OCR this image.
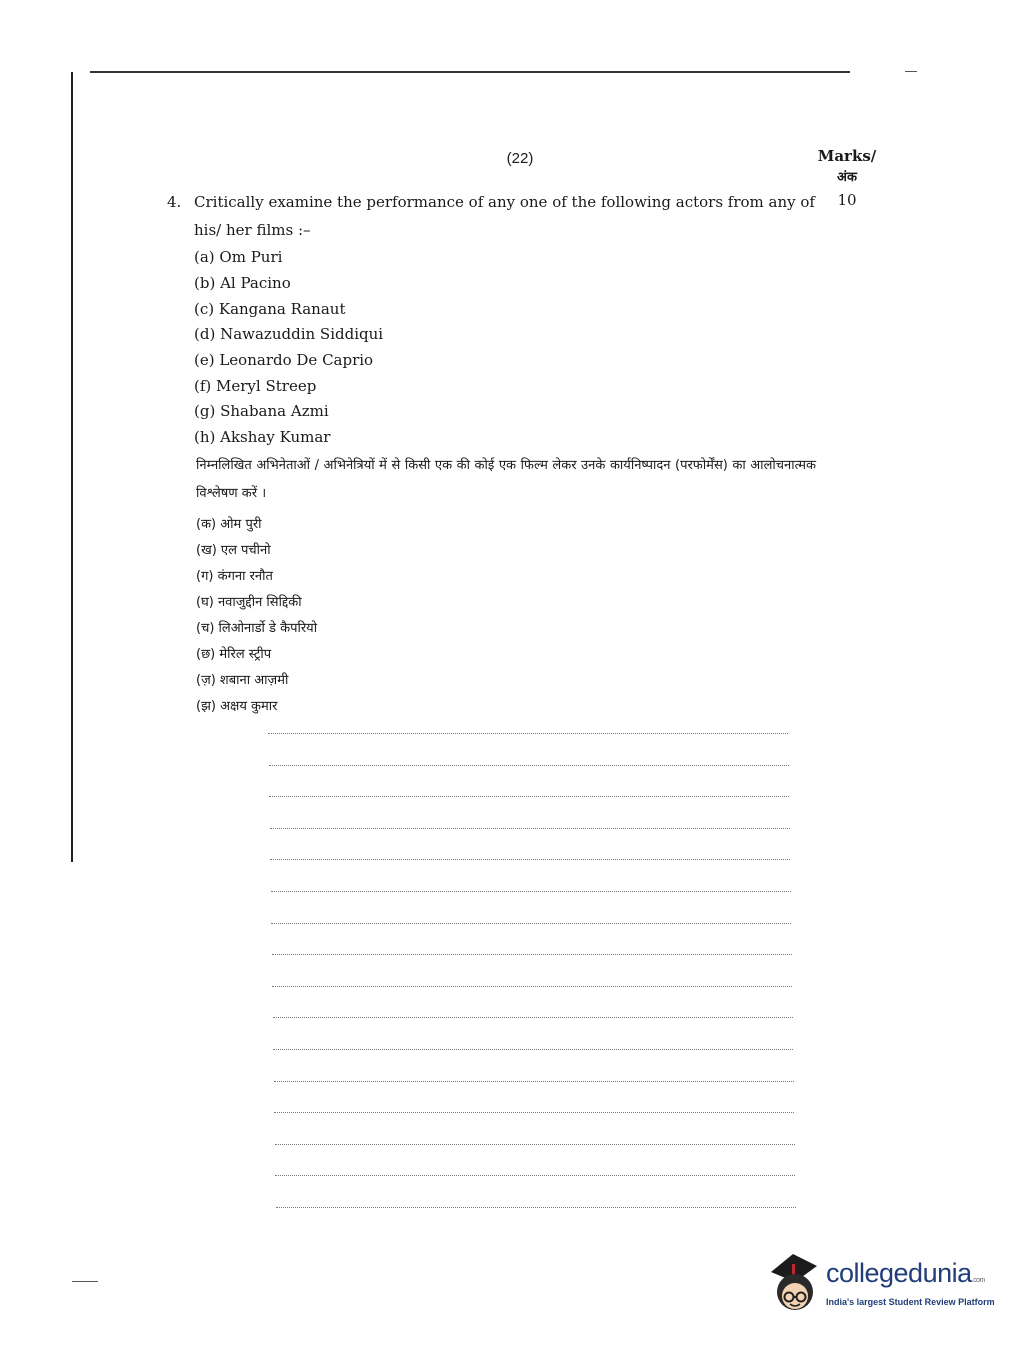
(22)	Marks/
अंक
10
4. Critically examine the performance of any one of the following actors from any of his/ her films :–
(a) Om Puri
(b) Al Pacino
(c) Kangana Ranaut
(d) Nawazuddin Siddiqui
(e) Leonardo De Caprio
(f) Meryl Streep
(g) Shabana Azmi
(h) Akshay Kumar
निम्नलिखित अभिनेताओं / अभिनेत्रियों में से किसी एक की कोई एक फिल्म लेकर उनके कार्यनिष्पादन (परफोर्मेंस) का आलोचनात्मक विश्लेषण करें ।
(क) ओम पुरी
(ख) एल पचीनो
(ग) कंगना रनौत
(घ) नवाजुद्दीन सिद्दिकी
(च) लिओनार्डो डे कैपरियो
(छ) मेरिल स्ट्रीप
(ज़) शबाना आज़मी
(झ) अक्षय कुमार
collegedunia.com
India's largest Student Review Platform
